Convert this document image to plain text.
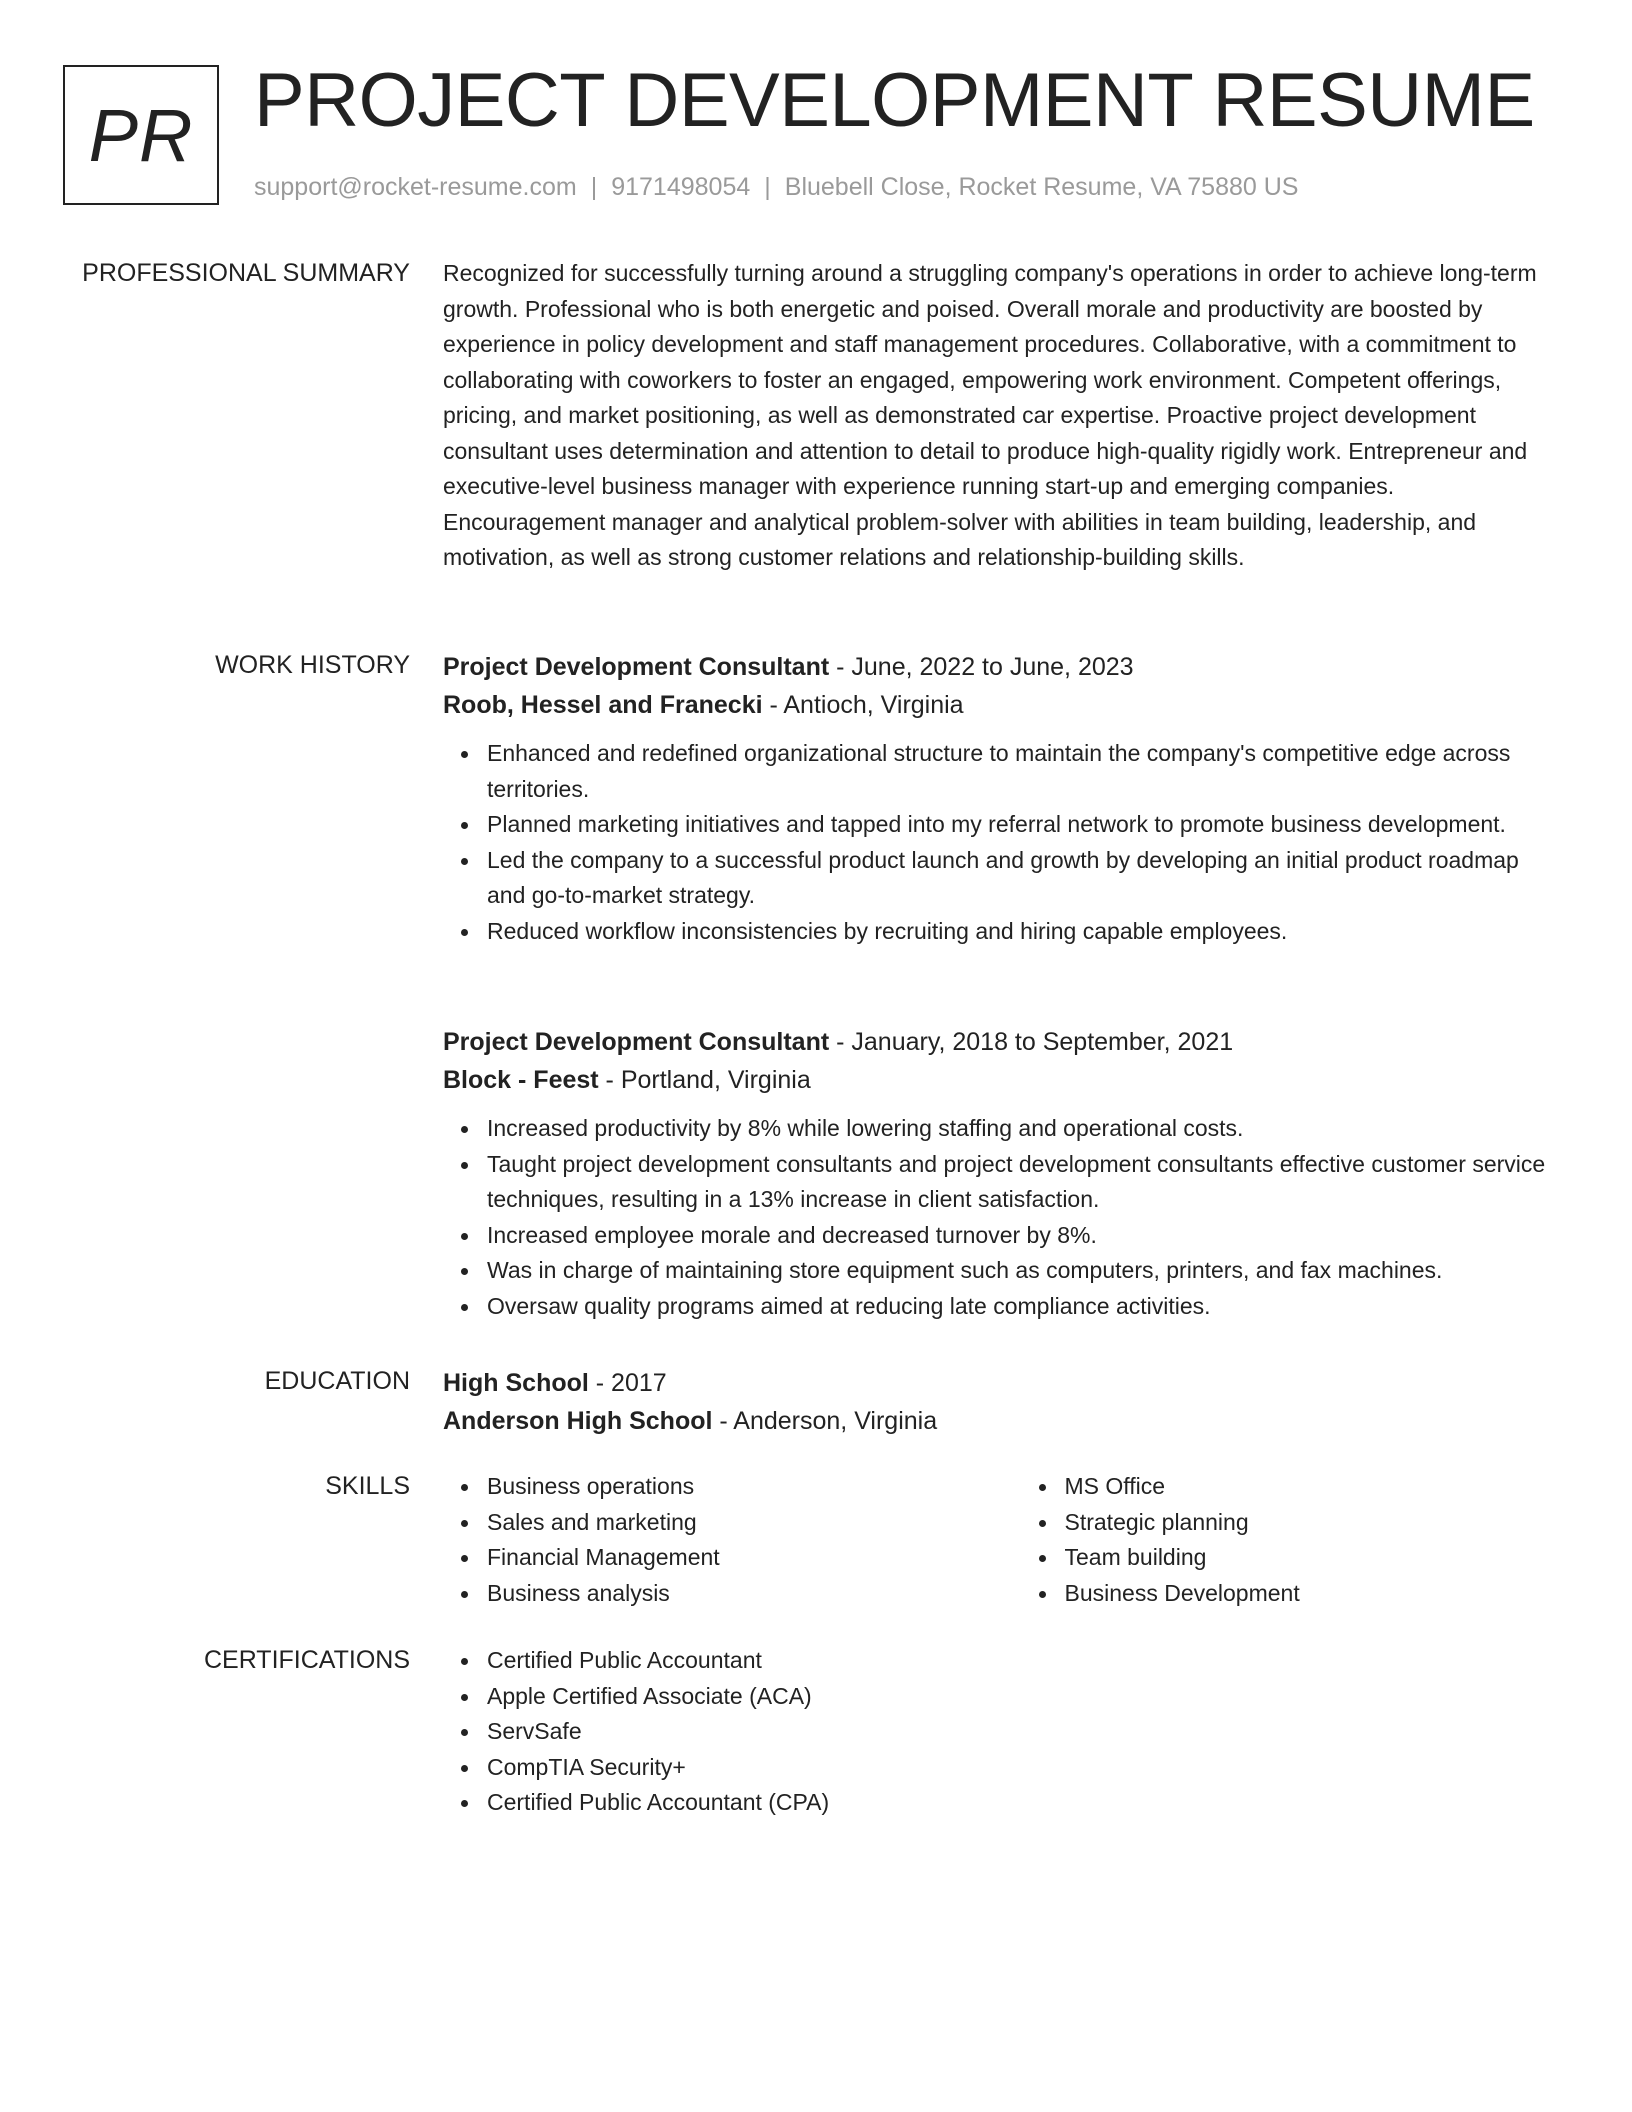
PR PROJECT DEVELOPMENT RESUME
support@rocket-resume.com | 9171498054 | Bluebell Close, Rocket Resume, VA 75880 US
PROFESSIONAL SUMMARY Recognized for successfully turning around a struggling company's operations in order to achieve long-term growth. Professional who is both energetic and poised. Overall morale and productivity are boosted by experience in policy development and staff management procedures. Collaborative, with a commitment to collaborating with coworkers to foster an engaged, empowering work environment. Competent offerings, pricing, and market positioning, as well as demonstrated car expertise. Proactive project development consultant uses determination and attention to detail to produce high-quality rigidly work. Entrepreneur and executive-level business manager with experience running start-up and emerging companies. Encouragement manager and analytical problem-solver with abilities in team building, leadership, and motivation, as well as strong customer relations and relationship-building skills.

WORK HISTORY Project Development Consultant - June, 2022 to June, 2023
Roob, Hessel and Franecki - Antioch, Virginia
Enhanced and redefined organizational structure to maintain the company's competitive edge across territories.
Planned marketing initiatives and tapped into my referral network to promote business development.
Led the company to a successful product launch and growth by developing an initial product roadmap and go-to-market strategy.
Reduced workflow inconsistencies by recruiting and hiring capable employees.
Project Development Consultant - January, 2018 to September, 2021
Block - Feest - Portland, Virginia
Increased productivity by 8% while lowering staffing and operational costs.
Taught project development consultants and project development consultants effective customer service techniques, resulting in a 13% increase in client satisfaction.
Increased employee morale and decreased turnover by 8%.
Was in charge of maintaining store equipment such as computers, printers, and fax machines.
Oversaw quality programs aimed at reducing late compliance activities.
EDUCATION High School - 2017
Anderson High School - Anderson, Virginia
SKILLS	Business operations
Sales and marketing
Financial Management
Business analysis
MS Office
Strategic planning
Team building
Business Development
CERTIFICATIONS	Certified Public Accountant
Apple Certified Associate (ACA)
ServSafe
CompTIA Security+
Certified Public Accountant (CPA)
